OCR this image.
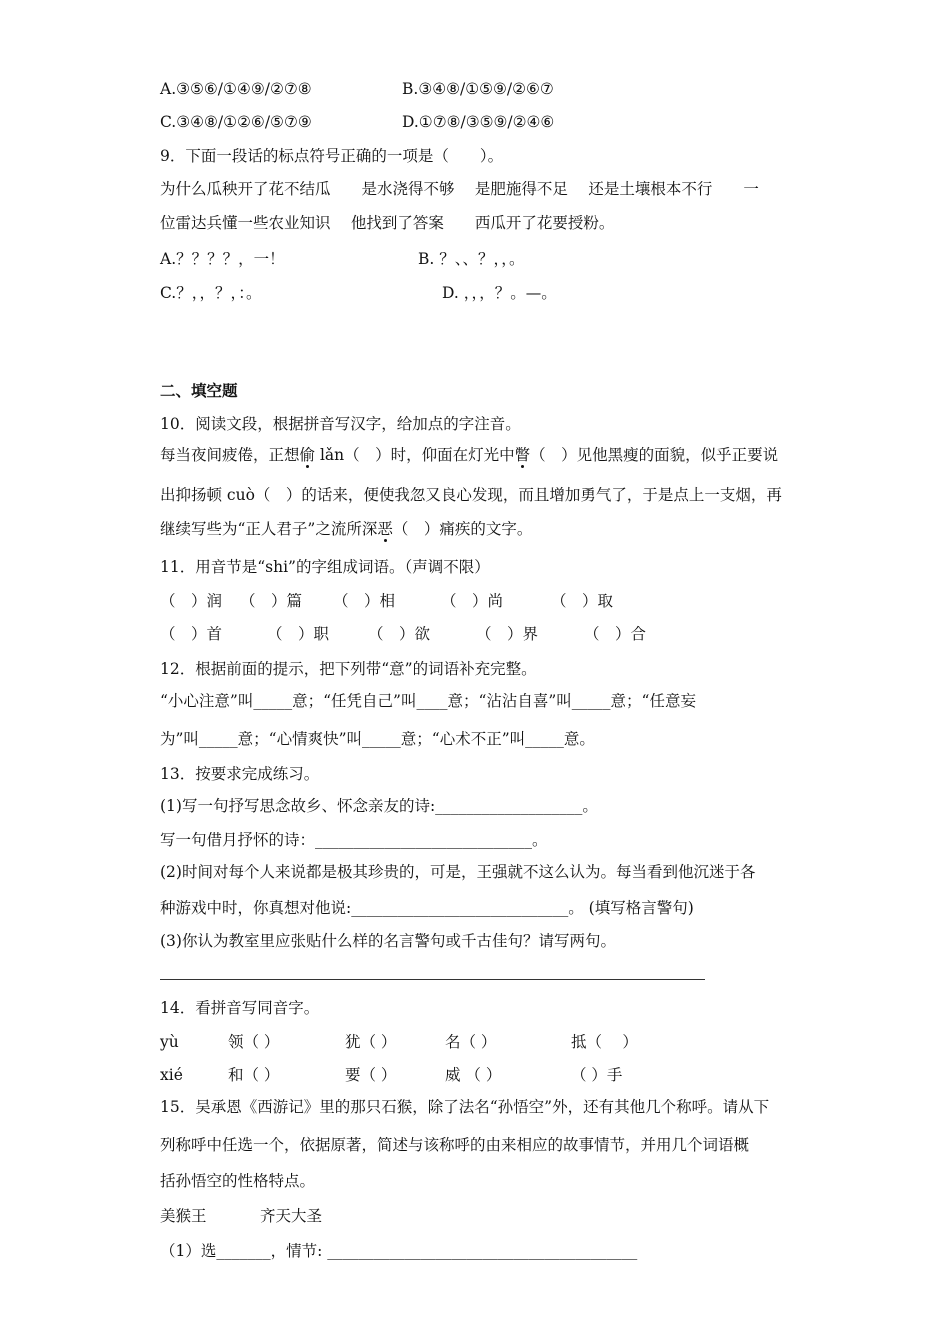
A.③⑤⑥/①④⑨/②⑦⑧	B.③④⑧/①⑤⑨/②⑥⑦
C.③④⑧/①②⑥/⑤⑦⑨	D.①⑦⑧/③⑤⑨/②④⑥
9．下面一段话的标点符号正确的一项是（　　）。
为什么瓜秧开了花不结瓜　　是水浇得不够　 是肥施得不足　 还是土壤根本不行　　一
位雷达兵懂一些农业知识　 他找到了答案　　西瓜开了花要授粉。
A.？？？？，一！	B. ？、、？，，。
C.？，，？，：。	D. ，，，？。—。
二、填空题
10．阅读文段，根据拼音写汉字，给加点的字注音。
每当夜间疲倦，正想偷 lǎn（　）时，仰面在灯光中瞥（　）见他黑瘦的面貌，似乎正要说
出抑扬顿 cuò（　）的话来，便使我忽又良心发现，而且增加勇气了，于是点上一支烟，再
继续写些为“正人君子”之流所深恶（　）痛疾的文字。
11．用音节是“shi”的字组成词语。（声调不限）
（　）润 （　）篇 （　）相	（　）尚	（　）取
（　）首	（　）职	（　）欲	（　）界	（　）合
12．根据前面的提示，把下列带“意”的词语补充完整。
“小心注意”叫_____意；“任凭自己”叫____意；“沾沾自喜”叫_____意；“任意妄
为”叫_____意；“心情爽快”叫_____意；“心术不正”叫_____意。
13．按要求完成练习。
(1)写一句抒写思念故乡、怀念亲友的诗:___________________。
写一句借月抒怀的诗：____________________________。
(2)时间对每个人来说都是极其珍贵的，可是，王强就不这么认为。每当看到他沉迷于各
种游戏中时，你真想对他说:____________________________。 (填写格言警句)
(3)你认为教室里应张贴什么样的名言警句或千古佳句？请写两句。
14．看拼音写同音字。
yù	领（ ）	犹（ ）	名（ ）	抵（　 ）
xié	和（ ）	要（ ）	威 （ ）	（ ）手
15．吴承恩《西游记》里的那只石猴，除了法名“孙悟空”外，还有其他几个称呼。请从下
列称呼中任选一个，依据原著，简述与该称呼的由来相应的故事情节，并用几个词语概
括孙悟空的性格特点。
美猴王	齐天大圣
（1）选_______，情节: ________________________________________
